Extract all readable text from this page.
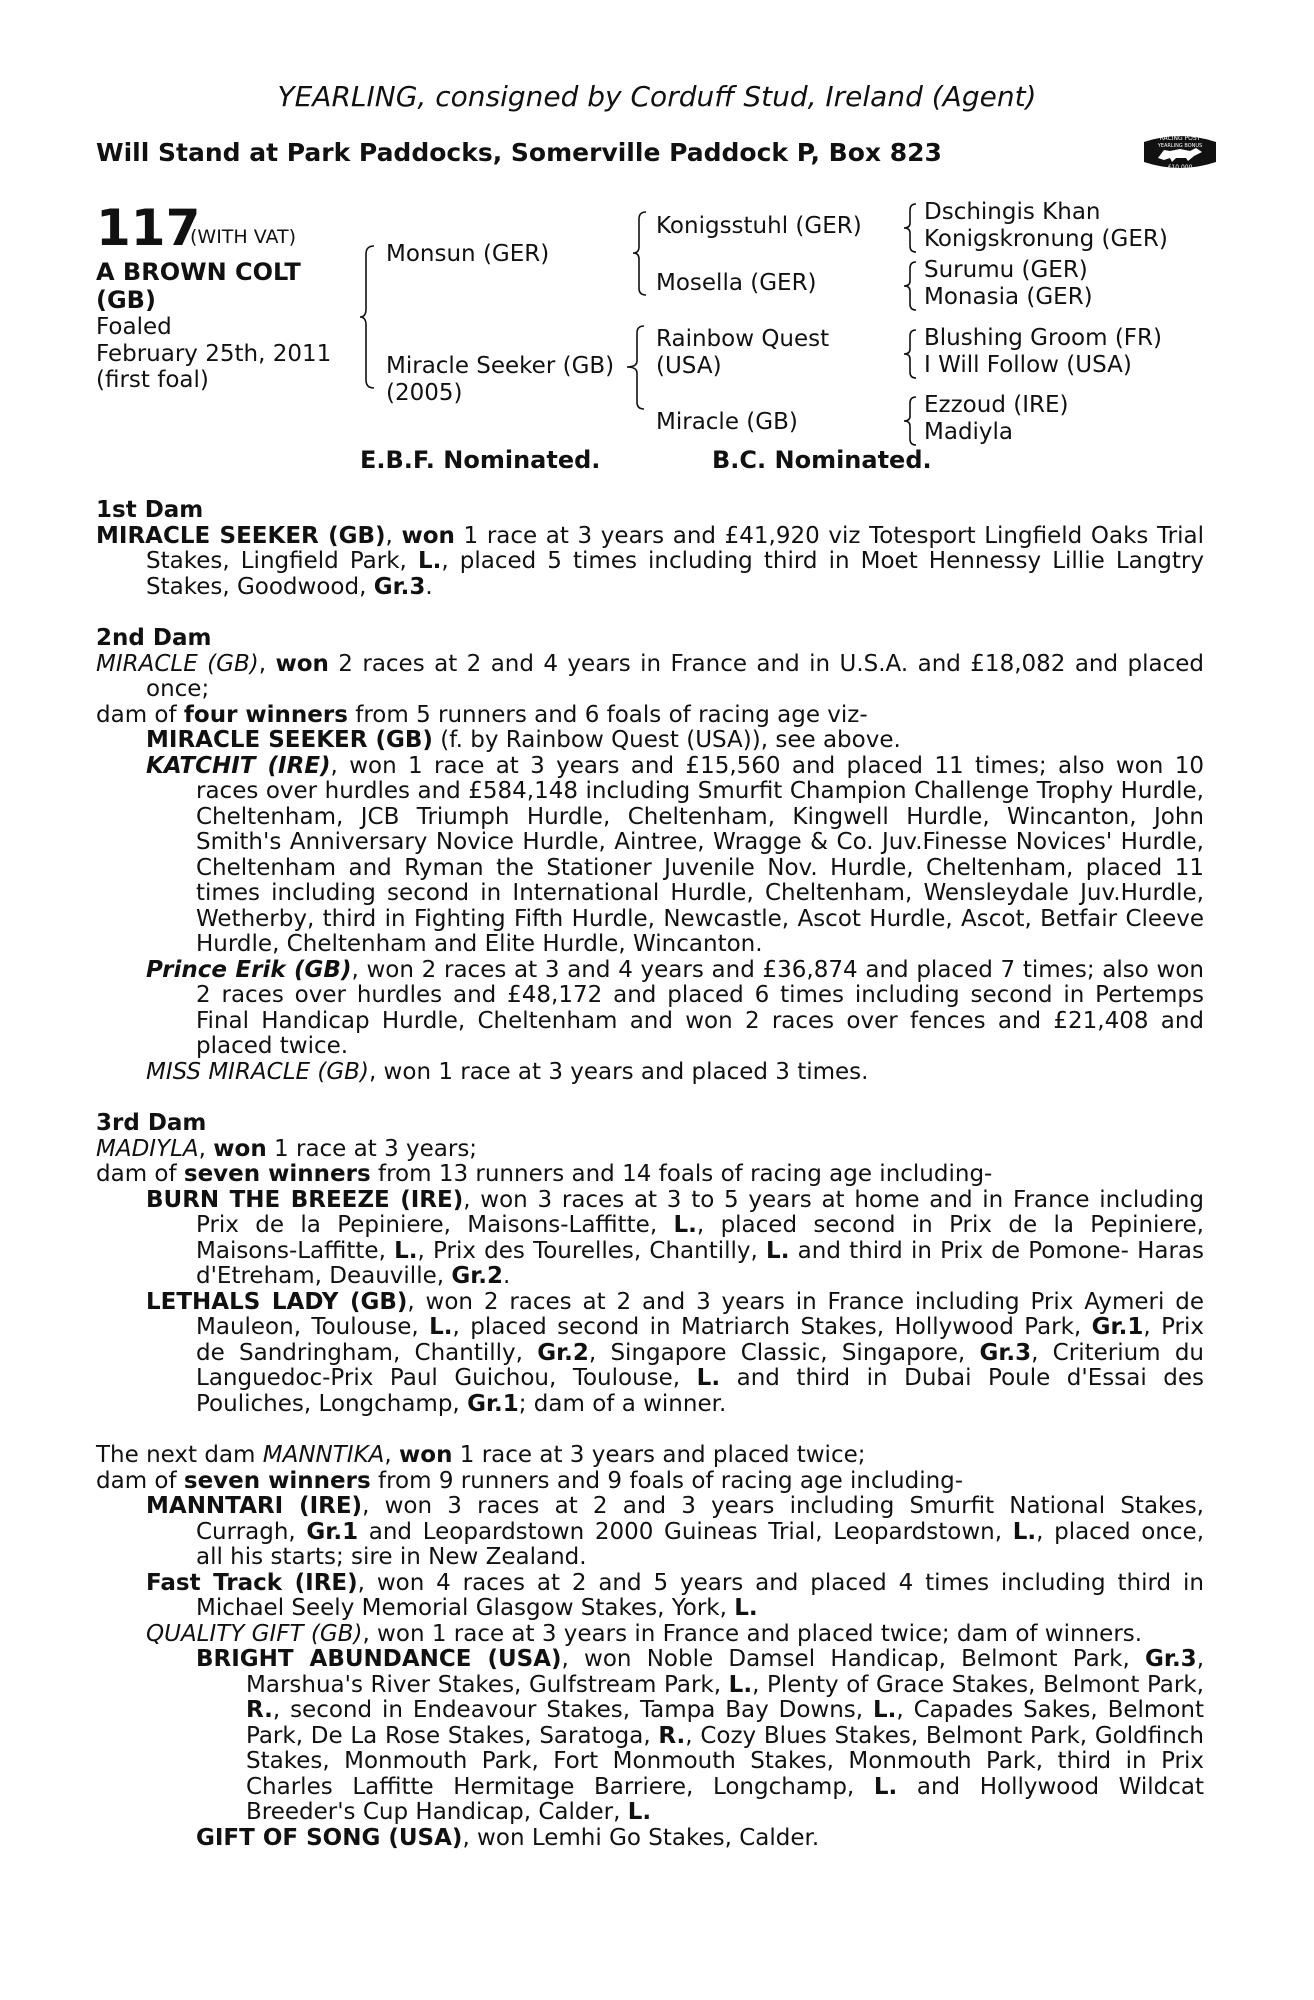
YEARLING, consigned by Corduff Stud, Ireland (Agent)
Will Stand at Park Paddocks, Somerville Paddock P, Box 823	RACING POST
YEARLING BONUS
£10,000
117
(WITH VAT)
A BROWN COLT
(GB)
Foaled
February 25th, 2011
(first foal)
Monsun (GER)
Miracle Seeker (GB)
(2005)
Konigsstuhl (GER)
Mosella (GER)
Rainbow Quest
(USA)
Miracle (GB)
Dschingis Khan
Konigskronung (GER)
Surumu (GER)
Monasia (GER)
Blushing Groom (FR)
I Will Follow (USA)
Ezzoud (IRE)
Madiyla
E.B.F. Nominated.	B.C. Nominated.
1st Dam

MIRACLE SEEKER (GB), won 1 race at 3 years and £41,920 viz Totesport Lingfield Oaks Trial Stakes, Lingfield Park, L., placed 5 times including third in Moet Hennessy Lillie Langtry Stakes, Goodwood, Gr.3.

2nd Dam

MIRACLE (GB), won 2 races at 2 and 4 years in France and in U.S.A. and £18,082 and placed once;

dam of four winners from 5 runners and 6 foals of racing age viz-

MIRACLE SEEKER (GB) (f. by Rainbow Quest (USA)), see above.

KATCHIT (IRE), won 1 race at 3 years and £15,560 and placed 11 times; also won 10 races over hurdles and £584,148 including Smurfit Champion Challenge Trophy Hurdle, Cheltenham, JCB Triumph Hurdle, Cheltenham, Kingwell Hurdle, Wincanton, John Smith's Anniversary Novice Hurdle, Aintree, Wragge & Co. Juv.Finesse Novices' Hurdle, Cheltenham and Ryman the Stationer Juvenile Nov. Hurdle, Cheltenham, placed 11 times including second in International Hurdle, Cheltenham, Wensleydale Juv.Hurdle, Wetherby, third in Fighting Fifth Hurdle, Newcastle, Ascot Hurdle, Ascot, Betfair Cleeve Hurdle, Cheltenham and Elite Hurdle, Wincanton.

Prince Erik (GB), won 2 races at 3 and 4 years and £36,874 and placed 7 times; also won 2 races over hurdles and £48,172 and placed 6 times including second in Pertemps Final Handicap Hurdle, Cheltenham and won 2 races over fences and £21,408 and placed twice.

MISS MIRACLE (GB), won 1 race at 3 years and placed 3 times.

3rd Dam

MADIYLA, won 1 race at 3 years;

dam of seven winners from 13 runners and 14 foals of racing age including-

BURN THE BREEZE (IRE), won 3 races at 3 to 5 years at home and in France including Prix de la Pepiniere, Maisons-Laffitte, L., placed second in Prix de la Pepiniere, Maisons-Laffitte, L., Prix des Tourelles, Chantilly, L. and third in Prix de Pomone- Haras d'Etreham, Deauville, Gr.2.

LETHALS LADY (GB), won 2 races at 2 and 3 years in France including Prix Aymeri de Mauleon, Toulouse, L., placed second in Matriarch Stakes, Hollywood Park, Gr.1, Prix de Sandringham, Chantilly, Gr.2, Singapore Classic, Singapore, Gr.3, Criterium du Languedoc-Prix Paul Guichou, Toulouse, L. and third in Dubai Poule d'Essai des Pouliches, Longchamp, Gr.1; dam of a winner.

The next dam MANNTIKA, won 1 race at 3 years and placed twice;

dam of seven winners from 9 runners and 9 foals of racing age including-

MANNTARI (IRE), won 3 races at 2 and 3 years including Smurfit National Stakes, Curragh, Gr.1 and Leopardstown 2000 Guineas Trial, Leopardstown, L., placed once, all his starts; sire in New Zealand.

Fast Track (IRE), won 4 races at 2 and 5 years and placed 4 times including third in Michael Seely Memorial Glasgow Stakes, York, L.

QUALITY GIFT (GB), won 1 race at 3 years in France and placed twice; dam of winners.

BRIGHT ABUNDANCE (USA), won Noble Damsel Handicap, Belmont Park, Gr.3, Marshua's River Stakes, Gulfstream Park, L., Plenty of Grace Stakes, Belmont Park, R., second in Endeavour Stakes, Tampa Bay Downs, L., Capades Sakes, Belmont Park, De La Rose Stakes, Saratoga, R., Cozy Blues Stakes, Belmont Park, Goldfinch Stakes, Monmouth Park, Fort Monmouth Stakes, Monmouth Park, third in Prix Charles Laffitte Hermitage Barriere, Longchamp, L. and Hollywood Wildcat Breeder's Cup Handicap, Calder, L.

GIFT OF SONG (USA), won Lemhi Go Stakes, Calder.
